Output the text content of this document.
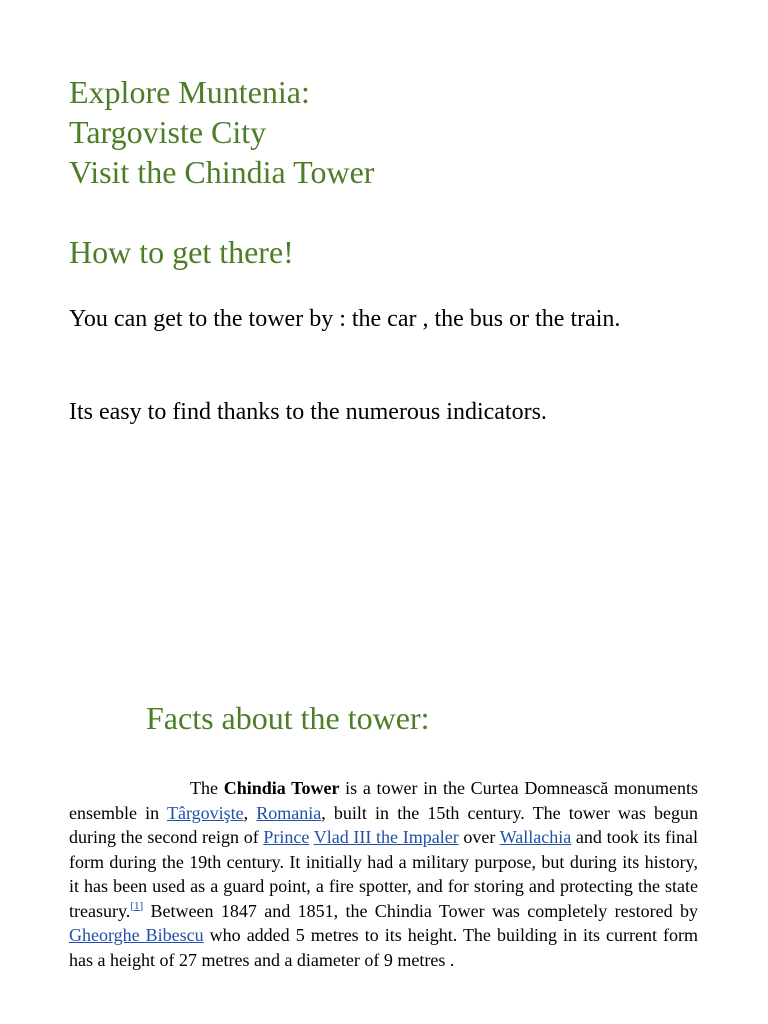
Explore Muntenia:
Targoviste City
Visit the Chindia Tower
How to get there!

You can get to the tower by : the car , the bus or the train.

Its easy to find thanks to the numerous indicators.

Facts about the tower:

The Chindia Tower is a tower in the Curtea Domnească monuments ensemble in Târgovişte, Romania, built in the 15th century. The tower was begun during the second reign of Prince Vlad III the Impaler over Wallachia and took its final form during the 19th century. It initially had a military purpose, but during its history, it has been used as a guard point, a fire spotter, and for storing and protecting the state treasury.[1] Between 1847 and 1851, the Chindia Tower was completely restored by Gheorghe Bibescu who added 5 metres to its height. The building in its current form has a height of 27 metres and a diameter of 9 metres .
